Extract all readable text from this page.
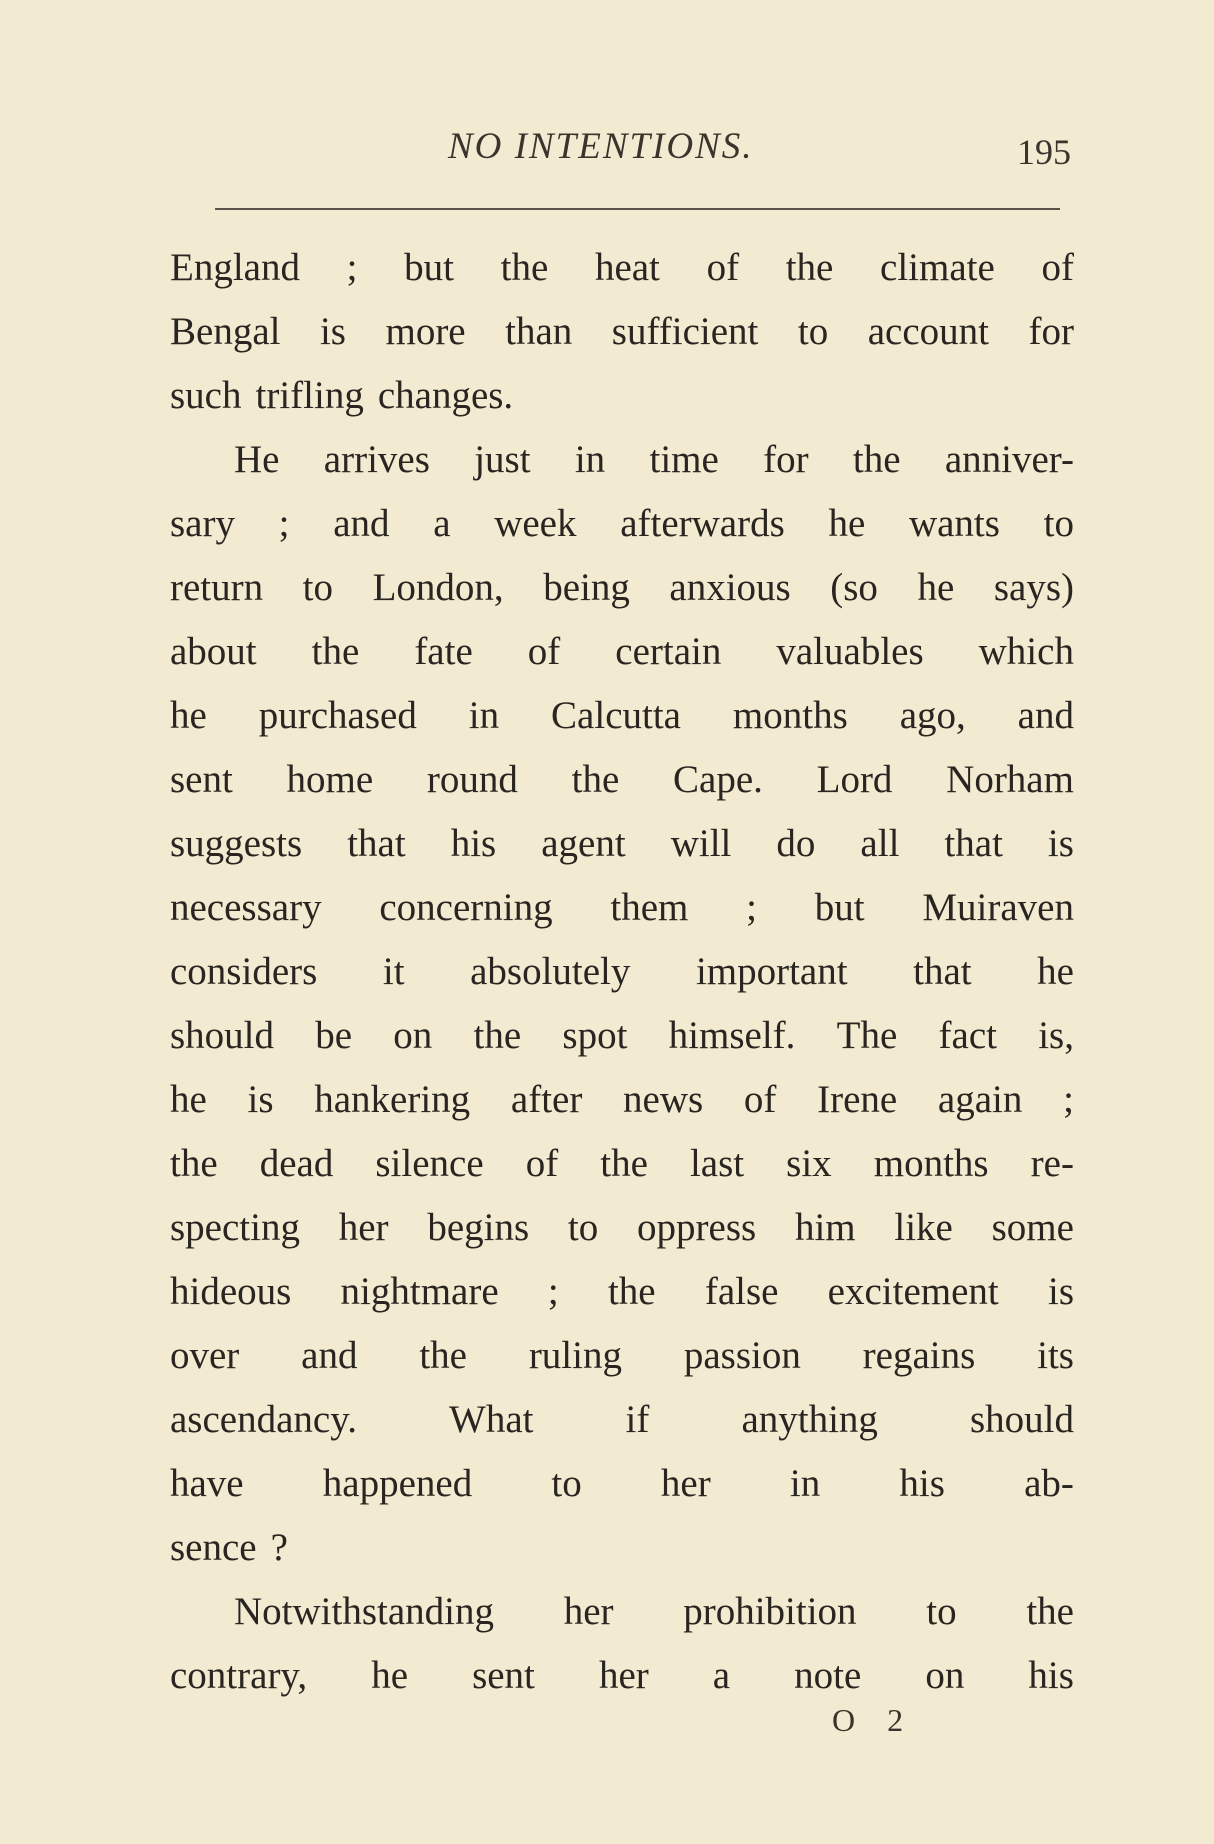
NO INTENTIONS.	195
England ; but the heat of the climate of
Bengal is more than sufficient to account for
such trifling changes.
He arrives just in time for the anniver-
sary ; and a week afterwards he wants to
return to London, being anxious (so he says)
about the fate of certain valuables which
he purchased in Calcutta months ago, and
sent home round the Cape. Lord Norham
suggests that his agent will do all that is
necessary concerning them ; but Muiraven
considers it absolutely important that he
should be on the spot himself. The fact is,
he is hankering after news of Irene again ;
the dead silence of the last six months re-
specting her begins to oppress him like some
hideous nightmare ; the false excitement is
over and the ruling passion regains its
ascendancy. What if anything should
have happened to her in his ab-
sence ?
Notwithstanding her prohibition to the
contrary, he sent her a note on his
O 2
